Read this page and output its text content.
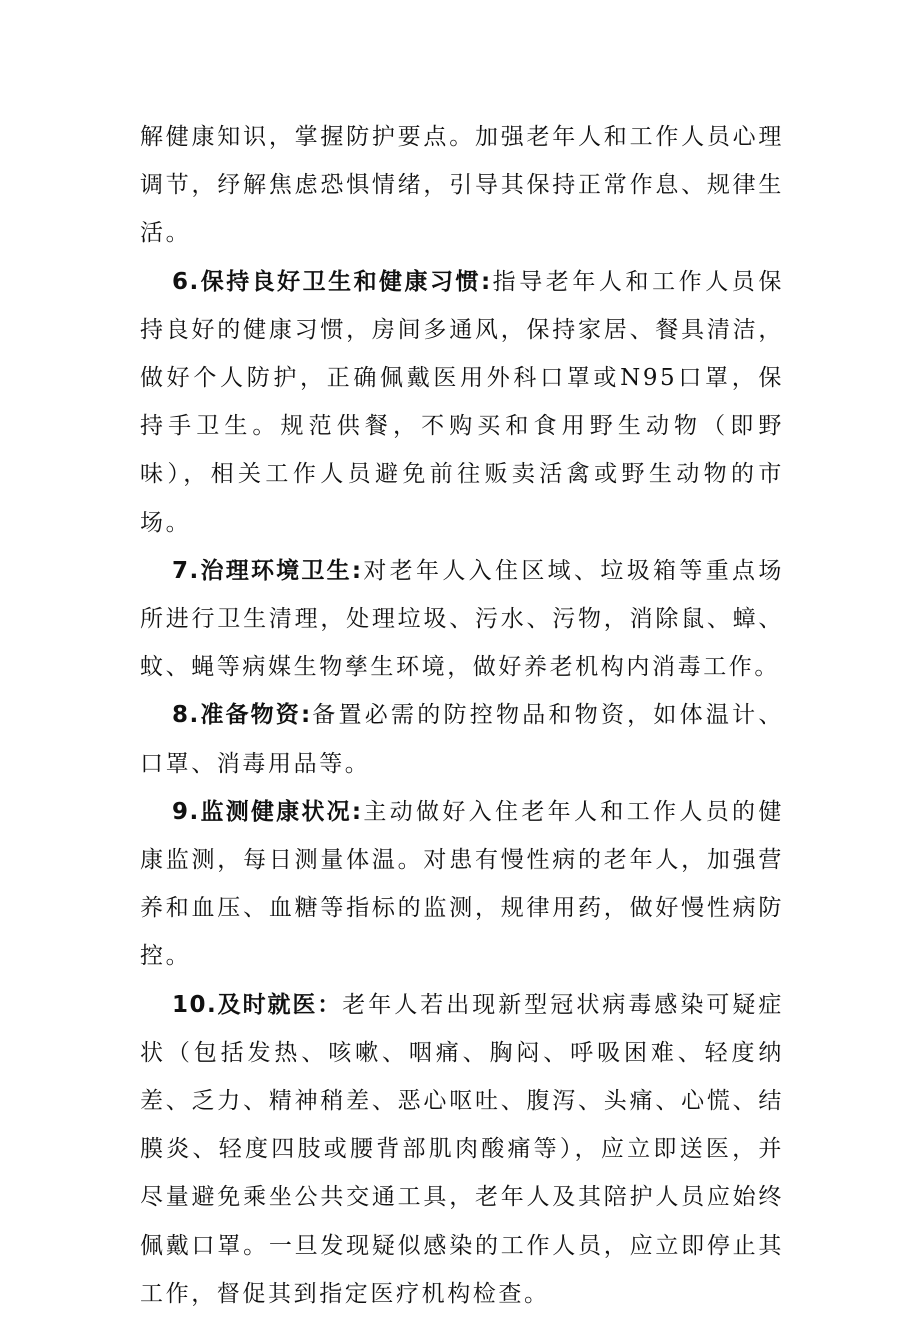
解健康知识，掌握防护要点。加强老年人和工作人员心理调节，纾解焦虑恐惧情绪，引导其保持正常作息、规律生活。

6.保持良好卫生和健康习惯:指导老年人和工作人员保持良好的健康习惯，房间多通风，保持家居、餐具清洁，做好个人防护，正确佩戴医用外科口罩或N95口罩，保持手卫生。规范供餐，不购买和食用野生动物（即野味），相关工作人员避免前往贩卖活禽或野生动物的市场。

7.治理环境卫生:对老年人入住区域、垃圾箱等重点场所进行卫生清理，处理垃圾、污水、污物，消除鼠、蟑、蚊、蝇等病媒生物孳生环境，做好养老机构内消毒工作。

8.准备物资:备置必需的防控物品和物资，如体温计、口罩、消毒用品等。

9.监测健康状况:主动做好入住老年人和工作人员的健康监测，每日测量体温。对患有慢性病的老年人，加强营养和血压、血糖等指标的监测，规律用药，做好慢性病防控。

10.及时就医：老年人若出现新型冠状病毒感染可疑症状（包括发热、咳嗽、咽痛、胸闷、呼吸困难、轻度纳差、乏力、精神稍差、恶心呕吐、腹泻、头痛、心慌、结膜炎、轻度四肢或腰背部肌肉酸痛等），应立即送医，并尽量避免乘坐公共交通工具，老年人及其陪护人员应始终佩戴口罩。一旦发现疑似感染的工作人员，应立即停止其工作，督促其到指定医疗机构检查。
